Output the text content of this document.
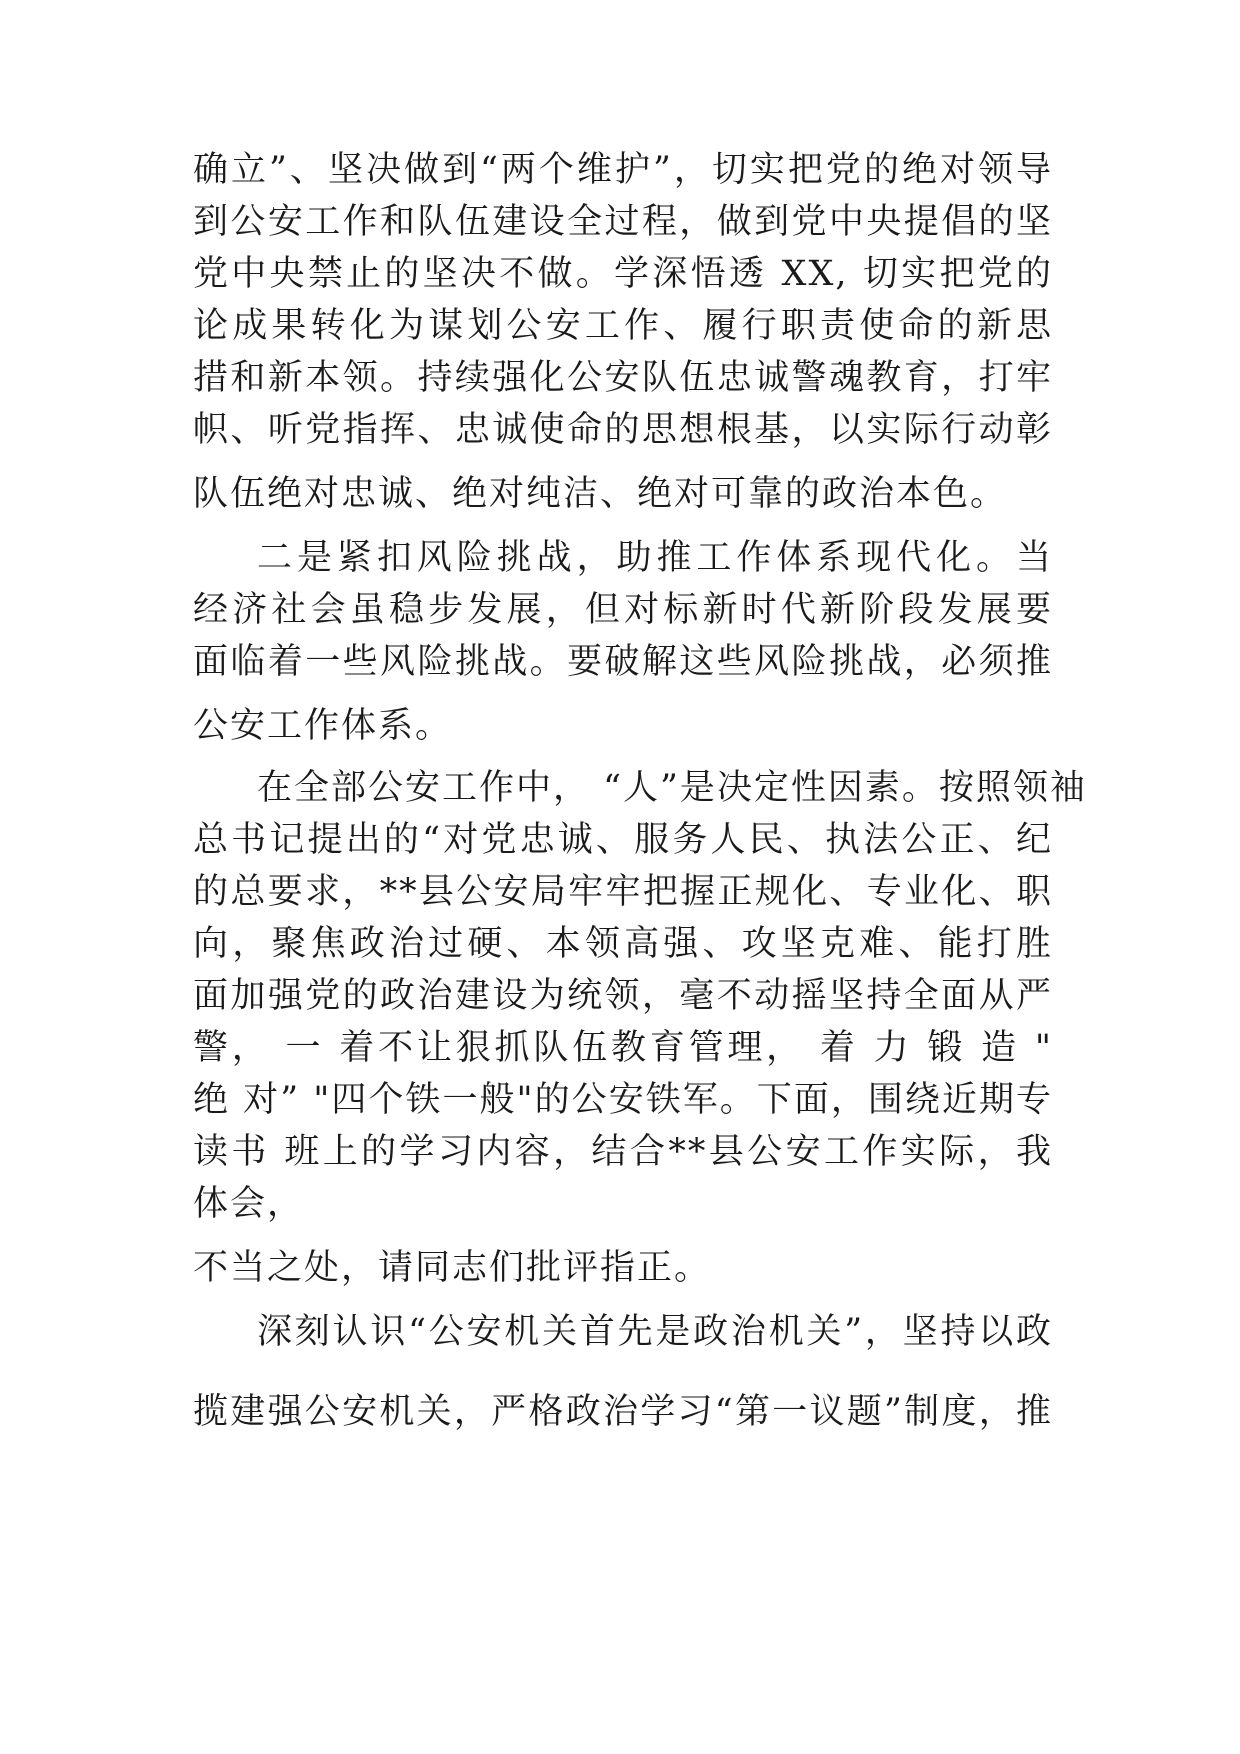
确立”、坚决做到“两个维护”，切实把党的绝对领导
到公安工作和队伍建设全过程，做到党中央提倡的坚
党中央禁止的坚决不做。学深悟透 XX, 切实把党的
论成果转化为谋划公安工作、履行职责使命的新思
措和新本领。持续强化公安队伍忠诚警魂教育，打牢
帜、听党指挥、忠诚使命的思想根基，以实际行动彰
队伍绝对忠诚、绝对纯洁、绝对可靠的政治本色。
二是紧扣风险挑战，助推工作体系现代化。当
经济社会虽稳步发展，但对标新时代新阶段发展要
面临着一些风险挑战。要破解这些风险挑战，必须推
公安工作体系。
在全部公安工作中， “人”是决定性因素。按照领袖
总书记提出的“对党忠诚、服务人民、执法公正、纪
的总要求，**县公安局牢牢把握正规化、专业化、职
向，聚焦政治过硬、本领高强、攻坚克难、能打胜
面加强党的政治建设为统领，毫不动摇坚持全面从严
警， 一 着不让狠抓队伍教育管理， 着 力 锻 造 "
绝 对” "四个铁一般"的公安铁军。下面，围绕近期专
读书 班上的学习内容，结合**县公安工作实际，我
体会，
不当之处，请同志们批评指正。
深刻认识“公安机关首先是政治机关”，坚持以政
揽建强公安机关，严格政治学习“第一议题”制度，推
